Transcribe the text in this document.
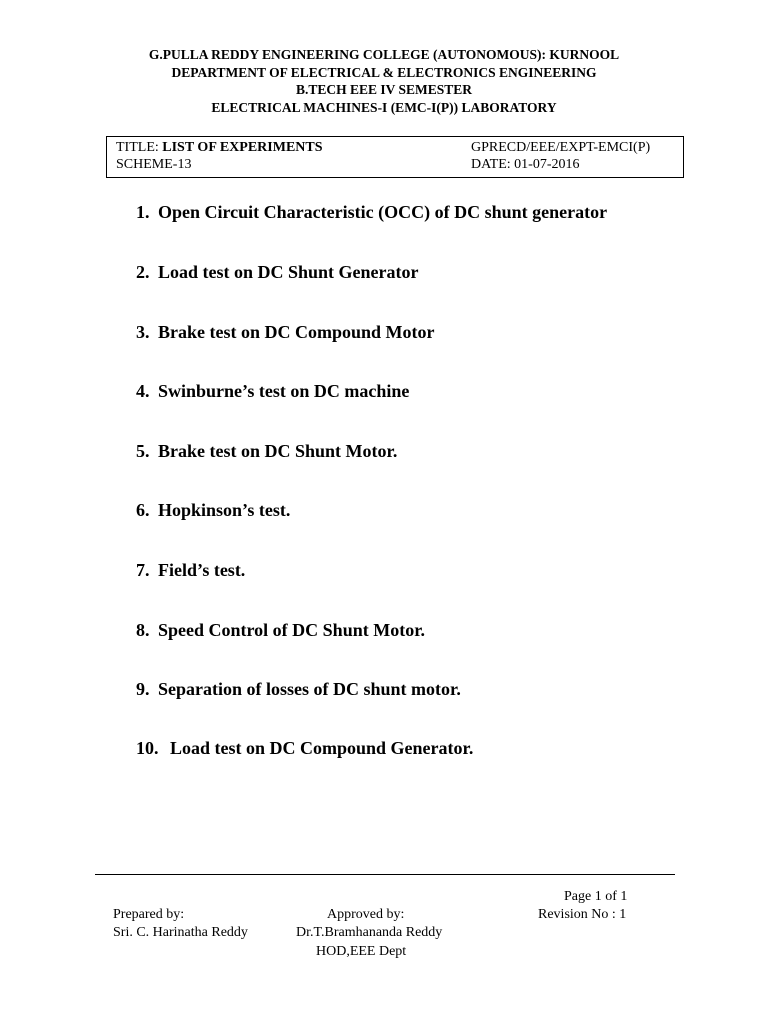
G.PULLA REDDY ENGINEERING COLLEGE (AUTONOMOUS): KURNOOL
DEPARTMENT OF ELECTRICAL & ELECTRONICS ENGINEERING
B.TECH EEE IV SEMESTER
ELECTRICAL MACHINES-I (EMC-I(P)) LABORATORY
TITLE: LIST OF EXPERIMENTS
SCHEME-13
GPRECD/EEE/EXPT-EMCI(P)
DATE: 01-07-2016
1. Open Circuit Characteristic (OCC) of DC shunt generator
2. Load test on DC Shunt Generator
3. Brake test on DC Compound Motor
4. Swinburne’s test on DC machine
5. Brake test on DC Shunt Motor.
6. Hopkinson’s test.
7. Field’s test.
8. Speed Control of DC Shunt Motor.
9. Separation of losses of DC shunt motor.
10. Load test on DC Compound Generator.
Page 1 of 1
Revision No : 1
Prepared by:
Sri. C. Harinatha Reddy
Approved by:
Dr.T.Bramhananda Reddy
HOD,EEE Dept
